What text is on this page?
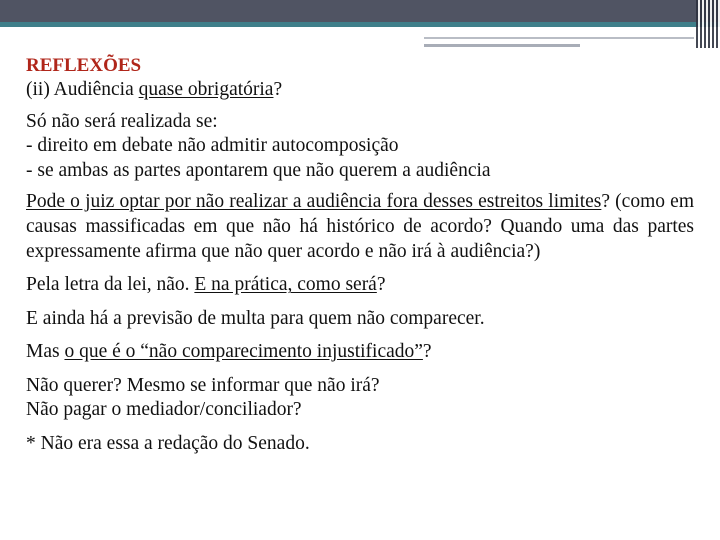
REFLEXÕES

(ii) Audiência quase obrigatória?

Só não será realizada se:

- direito em debate não admitir autocomposição

- se ambas as partes apontarem que não querem a audiência

Pode o juiz optar por não realizar a audiência fora desses estreitos limites? (como em causas massificadas em que não há histórico de acordo? Quando uma das partes expressamente afirma que não quer acordo e não irá à audiência?)

Pela letra da lei, não. E na prática, como será?

E ainda há a previsão de multa para quem não comparecer.

Mas o que é o “não comparecimento injustificado”?

Não querer? Mesmo se informar que não irá?

Não pagar o mediador/conciliador?

* Não era essa a redação do Senado.
